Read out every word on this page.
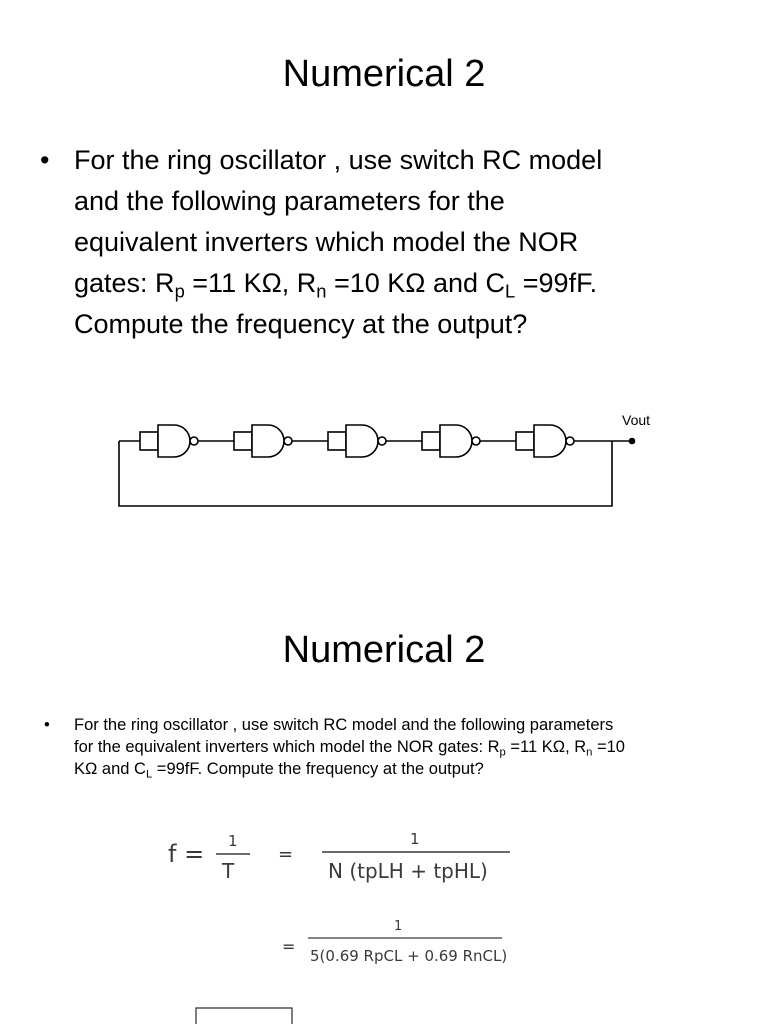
Numerical 2
• For the ring oscillator , use switch RC model

and the following parameters for the

equivalent inverters which model the NOR

gates: $R_p =11$ KΩ, $R_n =10$ KΩ and $C_L =99fF$.

Compute the frequency at the output?

Vout
Numerical 2
•	For the ring oscillator , use switch RC model and the following parameters

for the equivalent inverters which model the NOR gates: $R_p =11$ KΩ, $R_n =10$

KΩ and $C_L =99fF$. Compute the frequency at the output?

f = 1
T
=
1
N (tpLH + tpHL)
=
1
5(0.69 RpCL + 0.69 RnCL)
